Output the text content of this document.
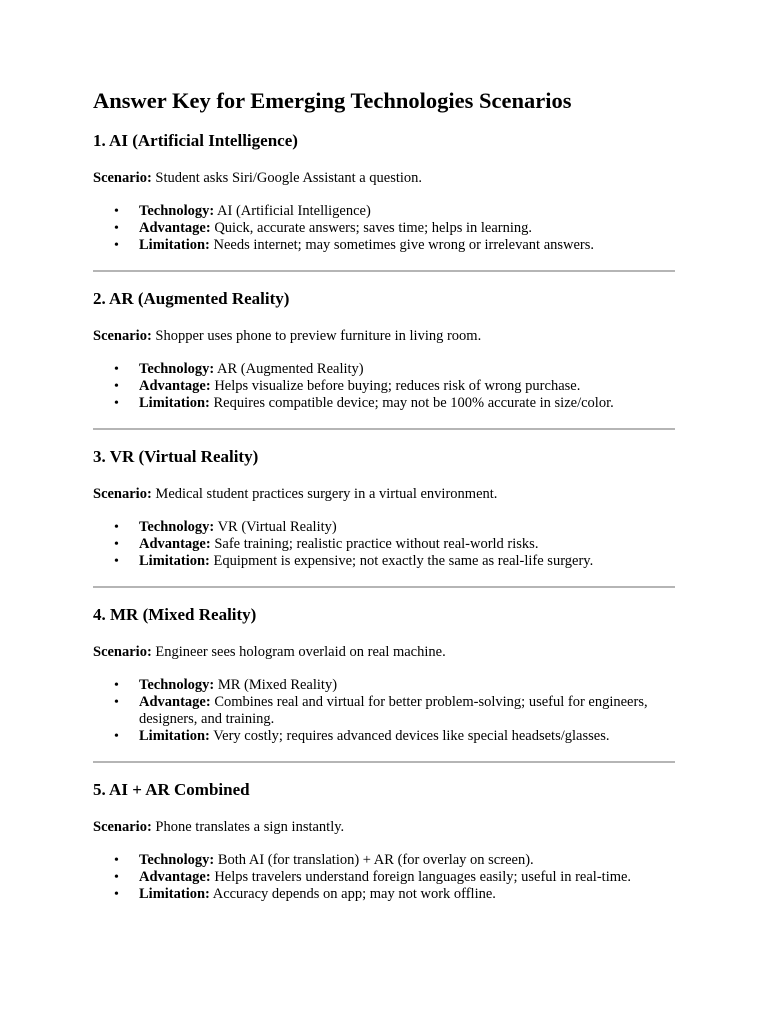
Answer Key for Emerging Technologies Scenarios
1. AI (Artificial Intelligence)

Scenario: Student asks Siri/Google Assistant a question.

• Technology: AI (Artificial Intelligence)
• Advantage: Quick, accurate answers; saves time; helps in learning.
• Limitation: Needs internet; may sometimes give wrong or irrelevant answers.
2. AR (Augmented Reality)

Scenario: Shopper uses phone to preview furniture in living room.

• Technology: AR (Augmented Reality)
• Advantage: Helps visualize before buying; reduces risk of wrong purchase.
• Limitation: Requires compatible device; may not be 100% accurate in size/color.
3. VR (Virtual Reality)

Scenario: Medical student practices surgery in a virtual environment.

• Technology: VR (Virtual Reality)
• Advantage: Safe training; realistic practice without real-world risks.
• Limitation: Equipment is expensive; not exactly the same as real-life surgery.
4. MR (Mixed Reality)

Scenario: Engineer sees hologram overlaid on real machine.

• Technology: MR (Mixed Reality)
• Advantage: Combines real and virtual for better problem-solving; useful for engineers, designers, and training.
• Limitation: Very costly; requires advanced devices like special headsets/glasses.
5. AI + AR Combined

Scenario: Phone translates a sign instantly.

• Technology: Both AI (for translation) + AR (for overlay on screen).
• Advantage: Helps travelers understand foreign languages easily; useful in real-time.
• Limitation: Accuracy depends on app; may not work offline.
